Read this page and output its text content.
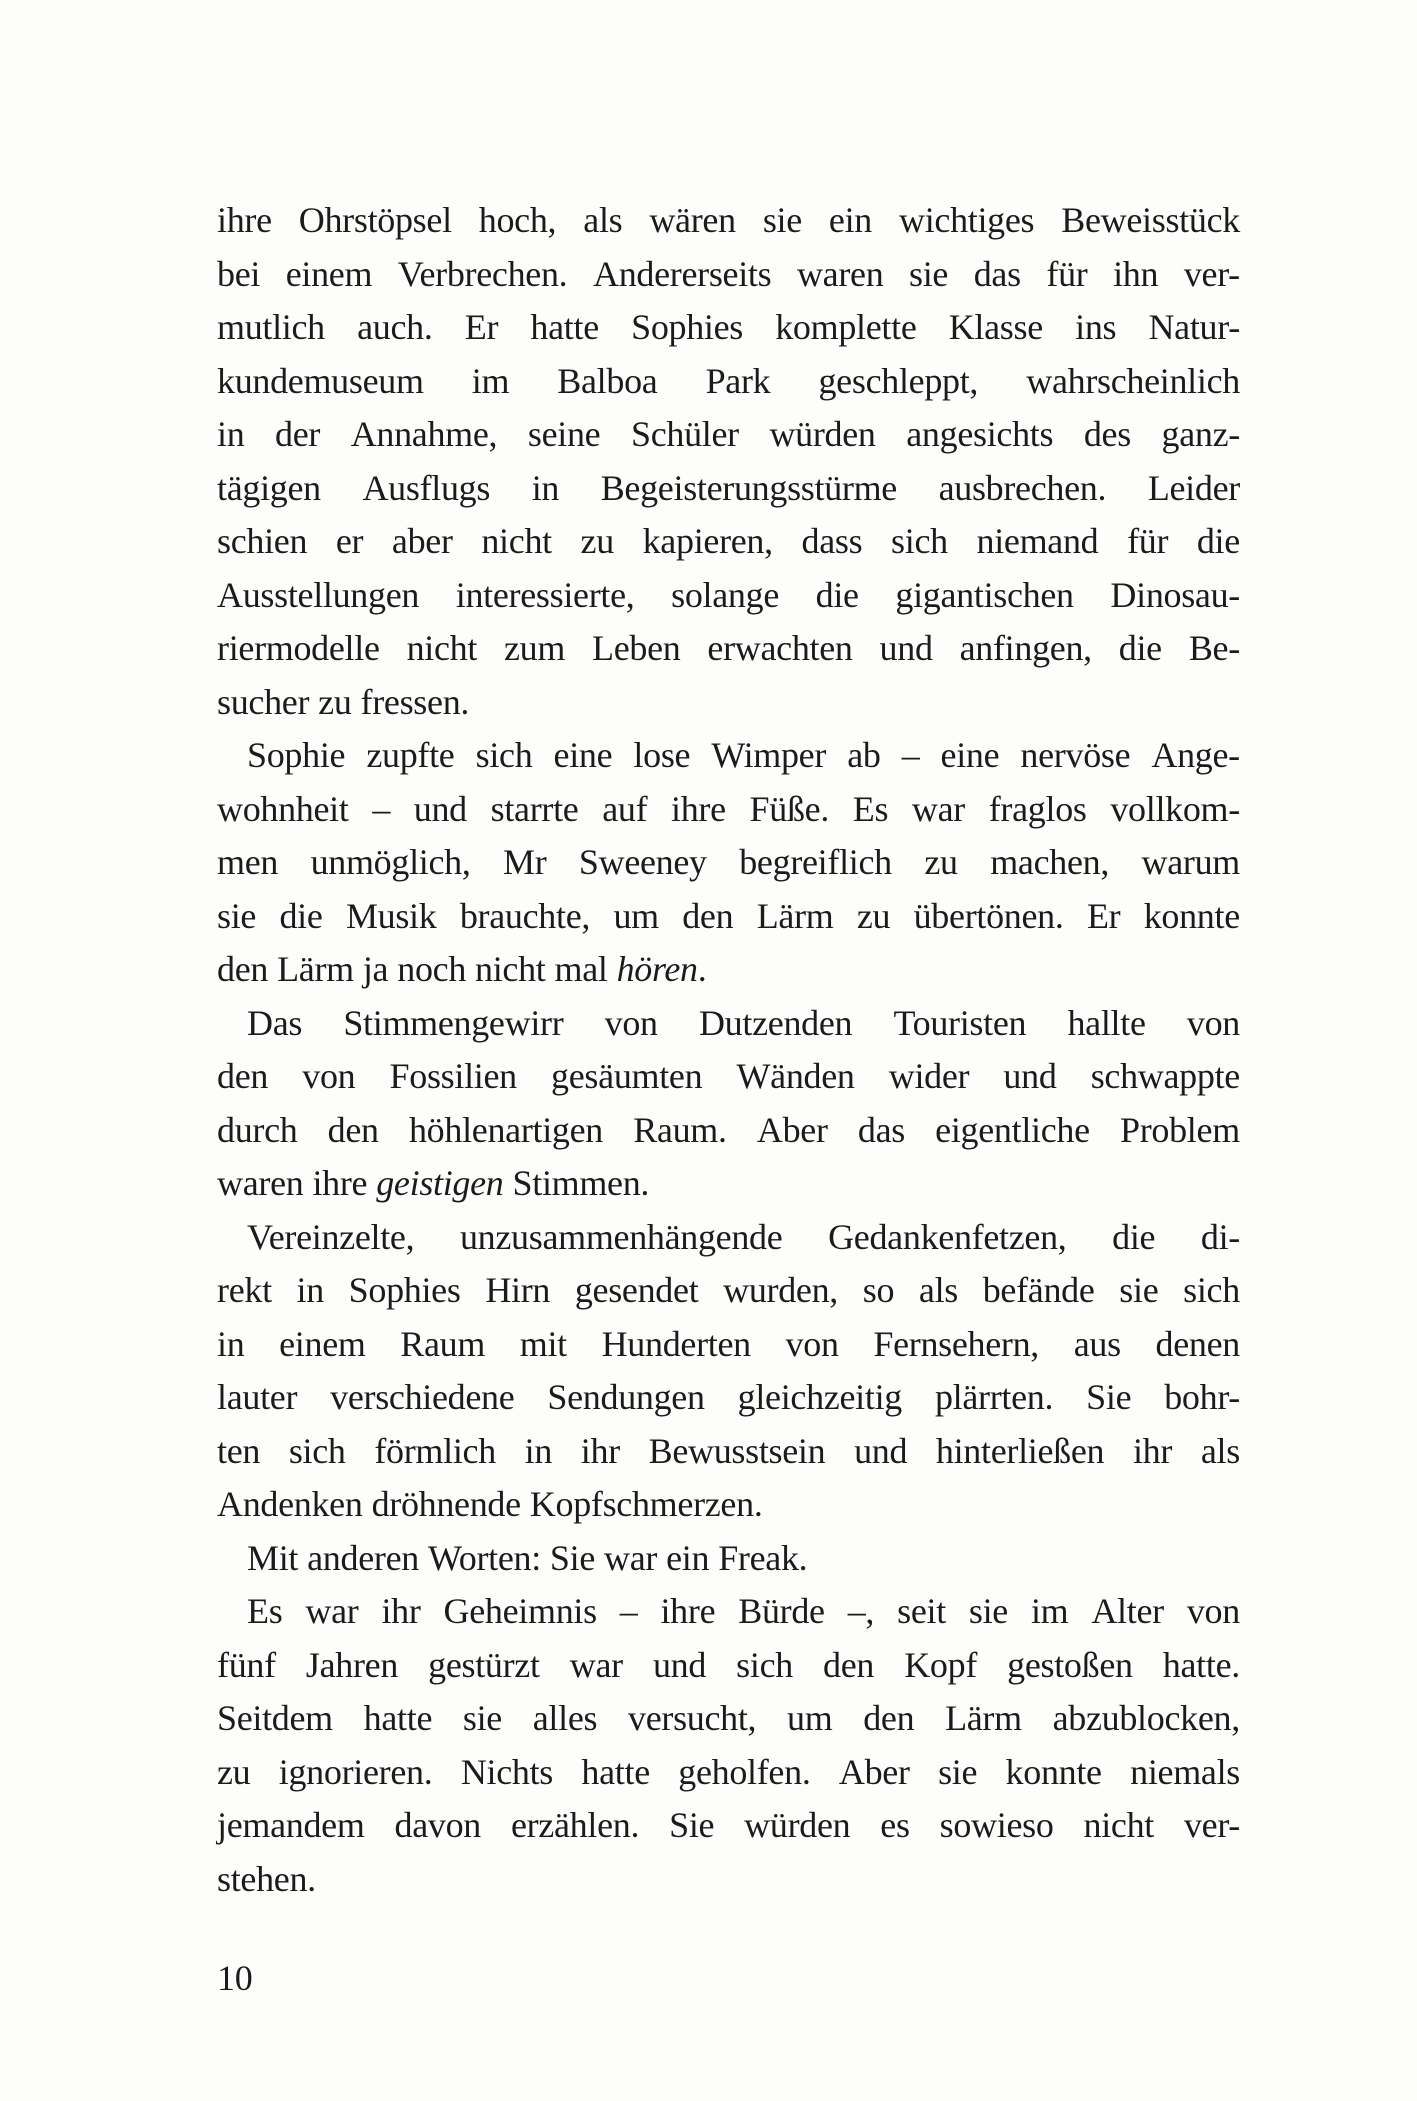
ihre Ohrstöpsel hoch, als wären sie ein wichtiges Beweisstück
bei einem Verbrechen. Andererseits waren sie das für ihn ver-
mutlich auch. Er hatte Sophies komplette Klasse ins Natur-
kundemuseum im Balboa Park geschleppt, wahrscheinlich
in der Annahme, seine Schüler würden angesichts des ganz-
tägigen Ausflugs in Begeisterungsstürme ausbrechen. Leider
schien er aber nicht zu kapieren, dass sich niemand für die
Ausstellungen interessierte, solange die gigantischen Dinosau-
riermodelle nicht zum Leben erwachten und anfingen, die Be-
sucher zu fressen.
Sophie zupfte sich eine lose Wimper ab – eine nervöse Ange-
wohnheit – und starrte auf ihre Füße. Es war fraglos vollkom-
men unmöglich, Mr Sweeney begreiflich zu machen, warum
sie die Musik brauchte, um den Lärm zu übertönen. Er konnte
den Lärm ja noch nicht mal hören.
Das Stimmengewirr von Dutzenden Touristen hallte von
den von Fossilien gesäumten Wänden wider und schwappte
durch den höhlenartigen Raum. Aber das eigentliche Problem
waren ihre geistigen Stimmen.
Vereinzelte, unzusammenhängende Gedankenfetzen, die di-
rekt in Sophies Hirn gesendet wurden, so als befände sie sich
in einem Raum mit Hunderten von Fernsehern, aus denen
lauter verschiedene Sendungen gleichzeitig plärrten. Sie bohr-
ten sich förmlich in ihr Bewusstsein und hinterließen ihr als
Andenken dröhnende Kopfschmerzen.
Mit anderen Worten: Sie war ein Freak.
Es war ihr Geheimnis – ihre Bürde –, seit sie im Alter von
fünf Jahren gestürzt war und sich den Kopf gestoßen hatte.
Seitdem hatte sie alles versucht, um den Lärm abzublocken,
zu ignorieren. Nichts hatte geholfen. Aber sie konnte niemals
jemandem davon erzählen. Sie würden es sowieso nicht ver-
stehen.
10
